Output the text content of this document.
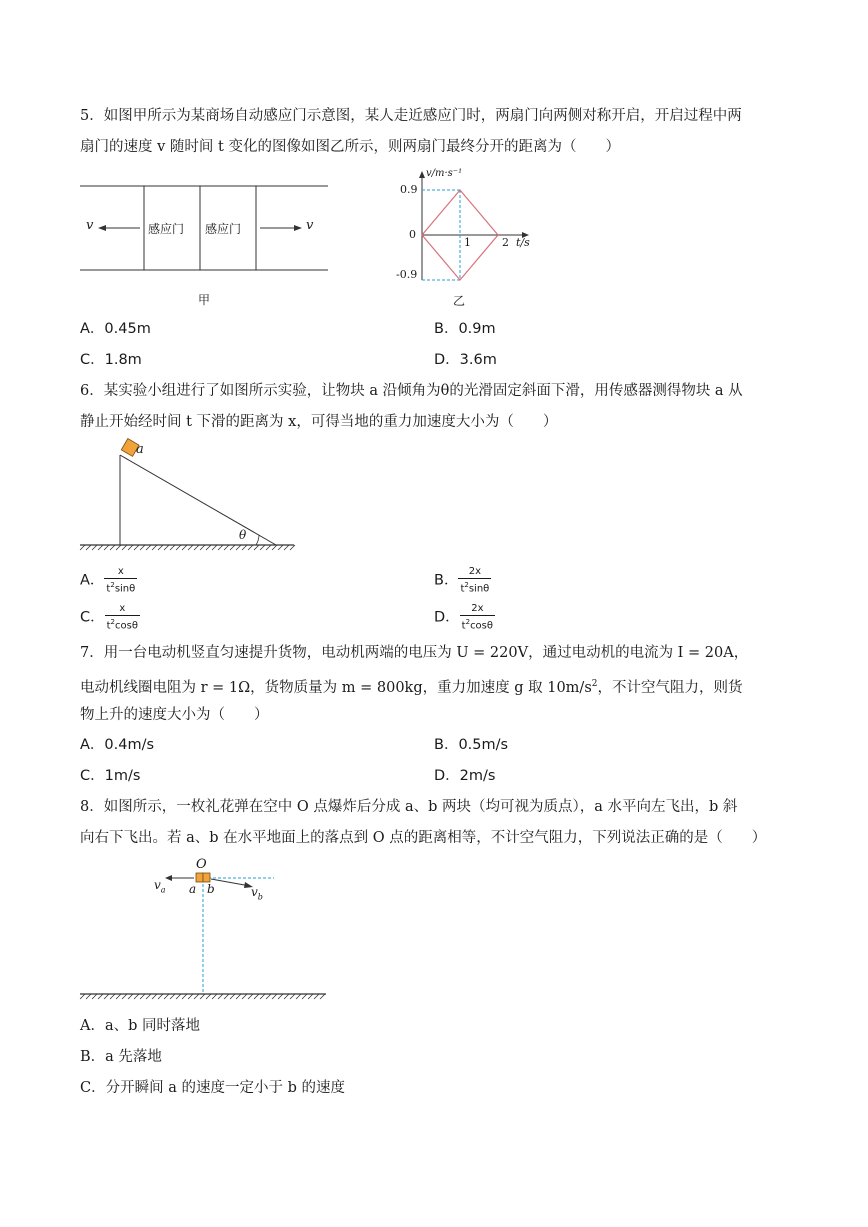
5．如图甲所示为某商场自动感应门示意图，某人走近感应门时，两扇门向两侧对称开启，开启过程中两
扇门的速度 v 随时间 t 变化的图像如图乙所示，则两扇门最终分开的距离为（　　）
v	v
感应门 感应门
甲
v/m·s⁻¹
t/s
0.9
0
-0.9
1	2
乙
A．0.45m	B．0.9m
C．1.8m	D．3.6m
6．某实验小组进行了如图所示实验，让物块 a 沿倾角为θ的光滑固定斜面下滑，用传感器测得物块 a 从
静止开始经时间 t 下滑的距离为 x，可得当地的重力加速度大小为（　　）
a
θ
A． $\frac{x}{t^2\sin\theta}$	B． $\frac{2x}{t^2\sin\theta}$
C． $\frac{x}{t^2\cos\theta}$	D． $\frac{2x}{t^2\cos\theta}$
7．用一台电动机竖直匀速提升货物，电动机两端的电压为 U = 220V，通过电动机的电流为 I = 20A，
电动机线圈电阻为 r = 1Ω，货物质量为 m = 800kg，重力加速度 g 取 $10m/s^2$，不计空气阻力，则货
物上升的速度大小为（　　）
A．0.4m/s	B．0.5m/s
C．1m/s	D．2m/s
8．如图所示，一枚礼花弹在空中 O 点爆炸后分成 a、b 两块（均可视为质点），a 水平向左飞出，b 斜
向右下飞出。若 a、b 在水平地面上的落点到 O 点的距离相等，不计空气阻力，下列说法正确的是（　　）
O
$v_a$ a b	$v_b$
A．a、b 同时落地
B．a 先落地
C．分开瞬间 a 的速度一定小于 b 的速度
